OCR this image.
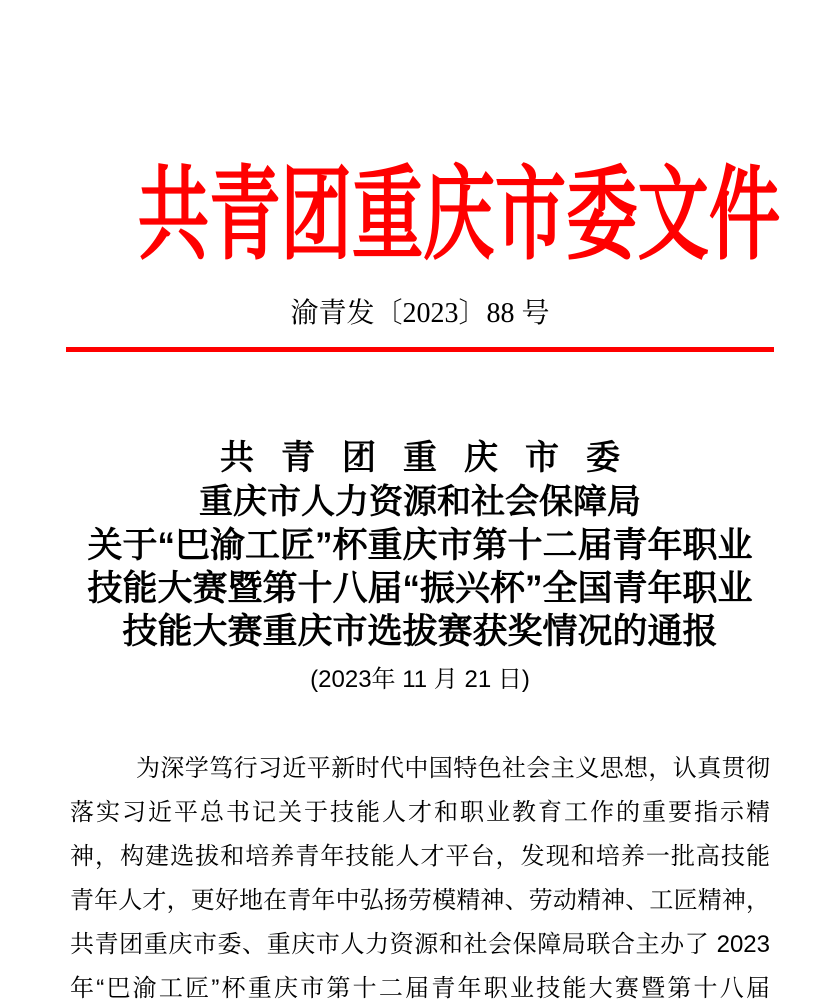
共青团重庆市委文件
渝青发〔2023〕88 号
共青团重庆市委
重庆市人力资源和社会保障局
关于“巴渝工匠”杯重庆市第十二届青年职业
技能大赛暨第十八届“振兴杯”全国青年职业
技能大赛重庆市选拔赛获奖情况的通报
(2023年 11 月 21 日)
为深学笃行习近平新时代中国特色社会主义思想，认真贯彻
落实习近平总书记关于技能人才和职业教育工作的重要指示精
神，构建选拔和培养青年技能人才平台，发现和培养一批高技能
青年人才，更好地在青年中弘扬劳模精神、劳动精神、工匠精神，
共青团重庆市委、重庆市人力资源和社会保障局联合主办了 2023
年“巴渝工匠”杯重庆市第十二届青年职业技能大赛暨第十八届
